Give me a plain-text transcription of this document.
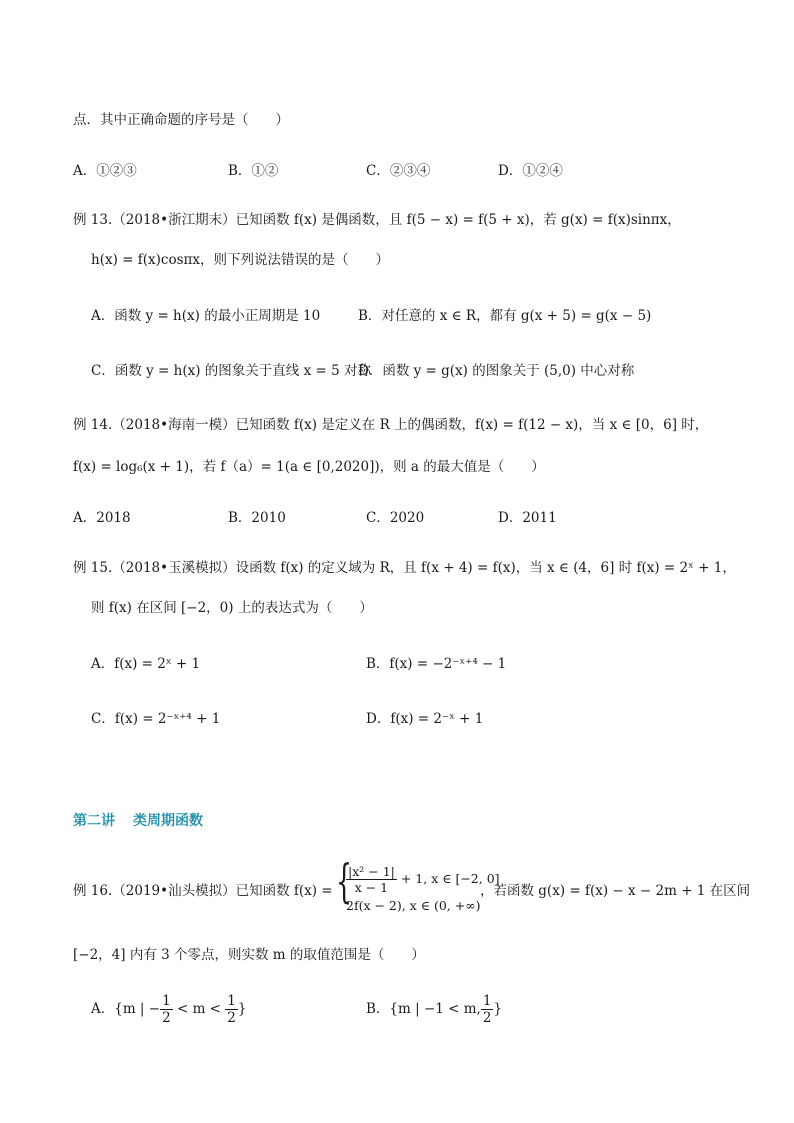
点．其中正确命题的序号是（　　）
A．①②③	B．①②	C．②③④	D．①②④
例 13.（2018•浙江期末）已知函数 f(x) 是偶函数，且 f(5 − x) = f(5 + x)，若 g(x) = f(x)sinπx，
h(x) = f(x)cosπx，则下列说法错误的是（　　）
A．函数 y = h(x) 的最小正周期是 10	B．对任意的 x ∈ R，都有 g(x + 5) = g(x − 5)
C．函数 y = h(x) 的图象关于直线 x = 5 对称
D．函数 y = g(x) 的图象关于 (5,0) 中心对称
例 14.（2018•海南一模）已知函数 f(x) 是定义在 R 上的偶函数，f(x) = f(12 − x)，当 x ∈ [0，6] 时，
f(x) = log₆(x + 1)，若 f（a）= 1(a ∈ [0,2020])，则 a 的最大值是（　　）
A．2018	B．2010	C．2020	D．2011
例 15.（2018•玉溪模拟）设函数 f(x) 的定义域为 R，且 f(x + 4) = f(x)，当 x ∈ (4，6] 时 f(x) = 2ˣ + 1，
则 f(x) 在区间 [−2，0) 上的表达式为（　　）
A．f(x) = 2ˣ + 1	B．f(x) = −2⁻ˣ⁺⁴ − 1
C．f(x) = 2⁻ˣ⁺⁴ + 1	D．f(x) = 2⁻ˣ + 1
第二讲 类周期函数
例 16.（2019•汕头模拟）已知函数 f(x) = {
$\frac{\text{|x² − 1|}}{x - 1} + 1$, x ∈ [−2, 0]
2f(x − 2), x ∈ (0, +∞)
，若函数 g(x) = f(x) − x − 2m + 1 在区间
[−2，4] 内有 3 个零点，则实数 m 的取值范围是（　　）
A．{m | − $\frac{1}{2} < m < \frac{1}{2}$ }	B．{m | −1 < m, $\frac{1}{2}$ }
